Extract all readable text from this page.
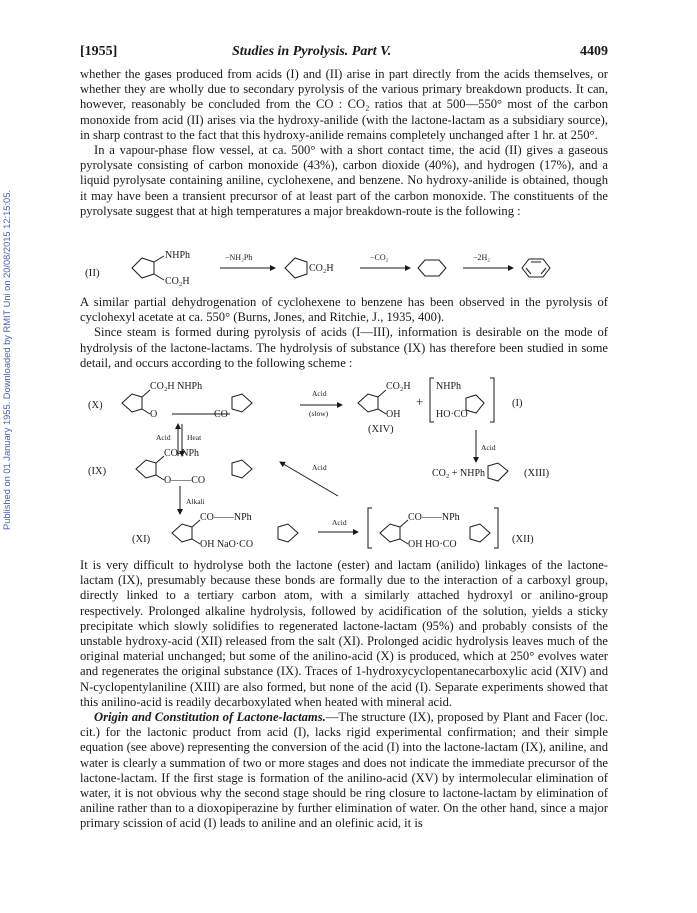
Published on 01 January 1955. Downloaded by RMIT Uni on 20/08/2015 12:15:05.
[1955]	Studies in Pyrolysis. Part V.	4409

whether the gases produced from acids (I) and (II) arise in part directly from the acids themselves, or whether they are wholly due to secondary pyrolysis of the various primary breakdown products. It can, however, reasonably be concluded from the CO : CO₂ ratios that at 500—550° most of the carbon monoxide from acid (II) arises via the hydroxy-anilide (with the lactone-lactam as a subsidiary source), in sharp contrast to the fact that this hydroxy-anilide remains completely unchanged after 1 hr. at 250°.

In a vapour-phase flow vessel, at ca. 500° with a short contact time, the acid (II) gives a gaseous pyrolysate consisting of carbon monoxide (43%), carbon dioxide (40%), and hydrogen (17%), and a liquid pyrolysate containing aniline, cyclohexene, and benzene. No hydroxy-anilide is obtained, though it may have been a transient precursor of at least part of the carbon monoxide. The constituents of the pyrolysate suggest that at high temperatures a major breakdown-route is the following :

(II)
NHPh
CO₂H
−NH₂Ph
CO₂H
−CO₂	−2H₂

A similar partial dehydrogenation of cyclohexene to benzene has been observed in the pyrolysis of cyclohexyl acetate at ca. 550° (Burns, Jones, and Ritchie, J., 1935, 400).

Since steam is formed during pyrolysis of acids (I—III), information is desirable on the mode of hydrolysis of the lactone-lactams. The hydrolysis of substance (IX) has therefore been studied in some detail, and occurs according to the following scheme :

(X)
CO₂H NHPh
O	CO
Acid
(slow)
CO₂H
OH
+
(XIV)
NHPh
HO·CO
(I)
Acid
Acid Heat
(IX)
CO-NPh
O——CO
CO₂ + NHPh	(XIII)
Acid
Alkali
(XI)
CO——NPh
OH NaO·CO
Acid	CO——NPh
OH HO·CO	(XII)

It is very difficult to hydrolyse both the lactone (ester) and lactam (anilido) linkages of the lactone-lactam (IX), presumably because these bonds are formally due to the interaction of a carboxyl group, directly linked to a tertiary carbon atom, with a similarly attached hydroxyl or anilino-group respectively. Prolonged alkaline hydrolysis, followed by acidification of the solution, yields a sticky precipitate which slowly solidifies to regenerated lactone-lactam (95%) and probably consists of the unstable hydroxy-acid (XII) released from the salt (XI). Prolonged acidic hydrolysis leaves much of the original material unchanged; but some of the anilino-acid (X) is produced, which at 250° evolves water and regenerates the original substance (IX). Traces of 1-hydroxycyclopentanecarboxylic acid (XIV) and N-cyclopentylaniline (XIII) are also formed, but none of the acid (I). Separate experiments showed that this anilino-acid is readily decarboxylated when heated with mineral acid.

Origin and Constitution of Lactone-lactams.—The structure (IX), proposed by Plant and Facer (loc. cit.) for the lactonic product from acid (I), lacks rigid experimental confirmation; and their simple equation (see above) representing the conversion of the acid (I) into the lactone-lactam (IX), aniline, and water is clearly a summation of two or more stages and does not indicate the immediate precursor of the lactone-lactam. If the first stage is formation of the anilino-acid (XV) by intermolecular elimination of water, it is not obvious why the second stage should be ring closure to lactone-lactam by elimination of aniline rather than to a dioxopiperazine by further elimination of water. On the other hand, since a major primary scission of acid (I) leads to aniline and an olefinic acid, it is
